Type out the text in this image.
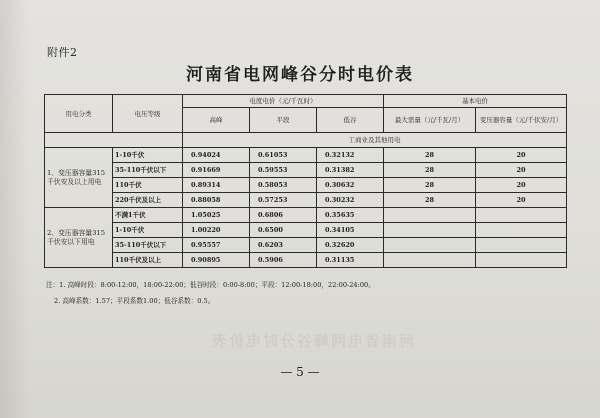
附件2
河南省电网峰谷分时电价表
用电分类	电压等级	电度电价（元/千瓦时）			基本电价	
		高峰	平段	低谷	最大需量（元/千瓦/月）	变压器容量（元/千伏安/月）
		工商业及其他用电				
1、变压器容量315千伏安及以上用电	1-10千伏	0.94024	0.61053	0.32132	28	20
	35-110千伏以下	0.91669	0.59553	0.31382	28	20
	110千伏	0.89314	0.58053	0.30632	28	20
	220千伏及以上	0.88058	0.57253	0.30232	28	20
2、变压器容量315千伏安以下用电	不满1千伏	1.05025	0.6806	0.35635		
	1-10千伏	1.00220	0.6500	0.34105		
	35-110千伏以下	0.95557	0.6203	0.32620		
	110千伏及以上	0.90895	0.5906	0.31135		
注：1. 高峰时段：8:00-12:00，18:00-22:00；低谷时段：0:00-8:00；平段：12:00-18:00，22:00-24:00。
2. 高峰系数：1.57；平段系数1.00；低谷系数：0.5。
河南省电网峰谷分时电价表
— 5 —
